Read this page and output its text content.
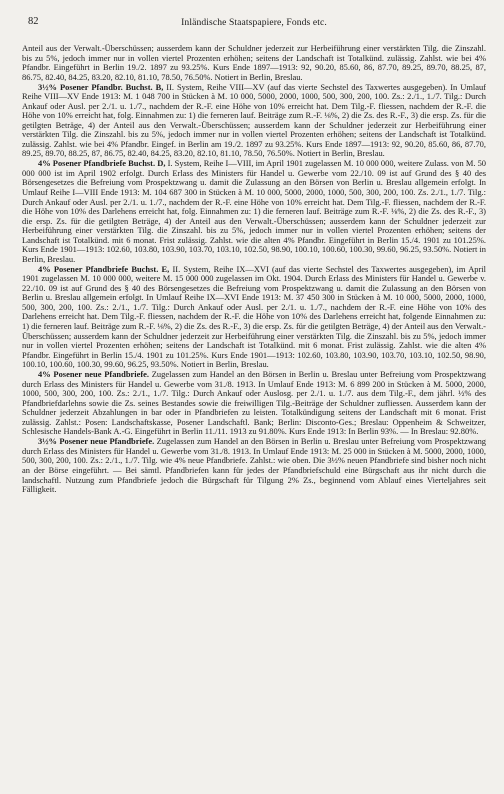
82	Inländische Staatspapiere, Fonds etc.

Anteil aus der Verwalt.-Überschüssen; ausserdem kann der Schuldner jederzeit zur Herbeiführung einer verstärkten Tilg. die Zinszahl. bis zu 5%, jedoch immer nur in vollen viertel Prozenten erhöhen; seitens der Landschaft ist Totalkünd. zulässig. Zahlst. wie bei 4% Pfandbr. Eingeführt in Berlin 19./2. 1897 zu 93.25%. Kurs Ende 1897—1913: 92, 90.20, 85.60, 86, 87.70, 89.25, 89.70, 88.25, 87, 86.75, 82.40, 84.25, 83.20, 82.10, 81.10, 78.50, 76.50%. Notiert in Berlin, Breslau.

3½% Posener Pfandbr. Buchst. B, II. System, Reihe VIII—XV (auf das vierte Sechstel des Taxwertes ausgegeben). In Umlauf Reihe VIII—XV Ende 1913: M. 1 048 700 in Stücken à M. 10 000, 5000, 2000, 1000, 500, 300, 200, 100. Zs.: 2./1., 1./7. Tilg.: Durch Ankauf oder Ausl. per 2./1. u. 1./7., nachdem der R.-F. eine Höhe von 10% erreicht hat. Dem Tilg.-F. fliessen, nachdem der R.-F. die Höhe von 10% erreicht hat, folg. Einnahmen zu: 1) die ferneren lauf. Beiträge zum R.-F. ⅛%, 2) die Zs. des R.-F., 3) die ersp. Zs. für die getilgten Beträge, 4) der Anteil aus den Verwalt.-Überschüssen; ausserdem kann der Schuldner jederzeit zur Herbeiführung einer verstärkten Tilg. die Zinszahl. bis zu 5%, jedoch immer nur in vollen viertel Prozenten erhöhen; seitens der Landschaft ist Totalkünd. zulässig. Zahlst. wie bei 4% Pfandbr. Eingef. in Berlin am 19./2. 1897 zu 93.25%. Kurs Ende 1897—1913: 92, 90.20, 85.60, 86, 87.70, 89.25, 89.70, 88.25, 87, 86.75, 82.40, 84.25, 83.20, 82.10, 81.10, 78.50, 76.50%. Notiert in Berlin, Breslau.

4% Posener Pfandbriefe Buchst. D, I. System, Reihe I—VIII, im April 1901 zugelassen M. 10 000 000, weitere Zulass. von M. 50 000 000 ist im April 1902 erfolgt. Durch Erlass des Ministers für Handel u. Gewerbe vom 22./10. 09 ist auf Grund des § 40 des Börsengesetzes die Befreiung vom Prospektzwang u. damit die Zulassung an den Börsen von Berlin u. Breslau allgemein erfolgt. In Umlauf Reihe I—VIII Ende 1913: M. 104 687 300 in Stücken à M. 10 000, 5000, 2000, 1000, 500, 300, 200, 100. Zs. 2./1., 1./7. Tilg.: Durch Ankauf oder Ausl. per 2./1. u. 1./7., nachdem der R.-F. eine Höhe von 10% erreicht hat. Dem Tilg.-F. fliessen, nachdem der R.-F. die Höhe von 10% des Darlehens erreicht hat, folg. Einnahmen zu: 1) die ferneren lauf. Beiträge zum R.-F. ⅛%, 2) die Zs. des R.-F., 3) die ersp. Zs. für die getilgten Beträge, 4) der Anteil aus den Verwalt.-Überschüssen; ausserdem kann der Schuldner jederzeit zur Herbeiführung einer verstärkten Tilg. die Zinszahl. bis zu 5%, jedoch immer nur in vollen viertel Prozenten erhöhen; seitens der Landschaft ist Totalkünd. mit 6 monat. Frist zulässig. Zahlst. wie die alten 4% Pfandbr. Eingeführt in Berlin 15./4. 1901 zu 101.25%. Kurs Ende 1901—1913: 102.60, 103.80, 103.90, 103.70, 103.10, 102.50, 98.90, 100.10, 100.60, 100.30, 99.60, 96.25, 93.50%. Notiert in Berlin, Breslau.

4% Posener Pfandbriefe Buchst. E, II. System, Reihe IX—XVI (auf das vierte Sechstel des Taxwertes ausgegeben), im April 1901 zugelassen M. 10 000 000, weitere M. 15 000 000 zugelassen im Okt. 1904. Durch Erlass des Ministers für Handel u. Gewerbe v. 22./10. 09 ist auf Grund des § 40 des Börsengesetzes die Befreiung vom Prospektzwang u. damit die Zulassung an den Börsen von Berlin u. Breslau allgemein erfolgt. In Umlauf Reihe IX—XVI Ende 1913: M. 37 450 300 in Stücken à M. 10 000, 5000, 2000, 1000, 500, 300, 200, 100. Zs.: 2./1., 1./7. Tilg.: Durch Ankauf oder Ausl. per 2./1. u. 1./7., nachdem der R.-F. eine Höhe von 10% des Darlehens erreicht hat. Dem Tilg.-F. fliessen, nachdem der R.-F. die Höhe von 10% des Darlehens erreicht hat, folgende Einnahmen zu: 1) die ferneren lauf. Beiträge zum R.-F. ⅛%, 2) die Zs. des R.-F., 3) die ersp. Zs. für die getilgten Beträge, 4) der Anteil aus den Verwalt.-Überschüssen; ausserdem kann der Schuldner jederzeit zur Herbeiführung einer verstärkten Tilg. die Zinszahl. bis zu 5%, jedoch immer nur in vollen viertel Prozenten erhöhen; seitens der Landschaft ist Totalkünd. mit 6 monat. Frist zulässig. Zahlst. wie die alten 4% Pfandbr. Eingeführt in Berlin 15./4. 1901 zu 101.25%. Kurs Ende 1901—1913: 102.60, 103.80, 103.90, 103.70, 103.10, 102.50, 98.90, 100.10, 100.60, 100.30, 99.60, 96.25, 93.50%. Notiert in Berlin, Breslau.

4% Posener neue Pfandbriefe. Zugelassen zum Handel an den Börsen in Berlin u. Breslau unter Befreiung vom Prospektzwang durch Erlass des Ministers für Handel u. Gewerbe vom 31./8. 1913. In Umlauf Ende 1913: M. 6 899 200 in Stücken à M. 5000, 2000, 1000, 500, 300, 200, 100. Zs.: 2./1., 1./7. Tilg.: Durch Ankauf oder Auslosg. per 2./1. u. 1./7. aus dem Tilg.-F., dem jährl. ½% des Pfandbriefdarlehns sowie die Zs. seines Bestandes sowie die freiwilligen Tilg.-Beiträge der Schuldner zufliessen. Ausserdem kann der Schuldner jederzeit Abzahlungen in bar oder in Pfandbriefen zu leisten. Totalkündigung seitens der Landschaft mit 6 monat. Frist zulässig. Zahlst.: Posen: Landschaftskasse, Posener Landschaftl. Bank; Berlin: Disconto-Ges.; Breslau: Oppenheim & Schweitzer, Schlesische Handels-Bank A.-G. Eingeführt in Berlin 11./11. 1913 zu 91.80%. Kurs Ende 1913: In Berlin 93%. — In Breslau: 92.80%.

3½% Posener neue Pfandbriefe. Zugelassen zum Handel an den Börsen in Berlin u. Breslau unter Befreiung vom Prospektzwang durch Erlass des Ministers für Handel u. Gewerbe vom 31./8. 1913. In Umlauf Ende 1913: M. 25 000 in Stücken à M. 5000, 2000, 1000, 500, 300, 200, 100. Zs.: 2./1., 1./7. Tilg. wie 4% neue Pfandbriefe. Zahlst.: wie oben. Die 3½% neuen Pfandbriefe sind bisher noch nicht an der Börse eingeführt. — Bei sämtl. Pfandbriefen kann für jedes der Pfandbriefschuld eine Bürgschaft aus ihr nicht durch die landschaftl. Nutzung zum Pfandbriefe jedoch die Bürgschaft für Tilgung 2% Zs., beginnend vom Ablauf eines Vierteljahres seit Fälligkeit.
